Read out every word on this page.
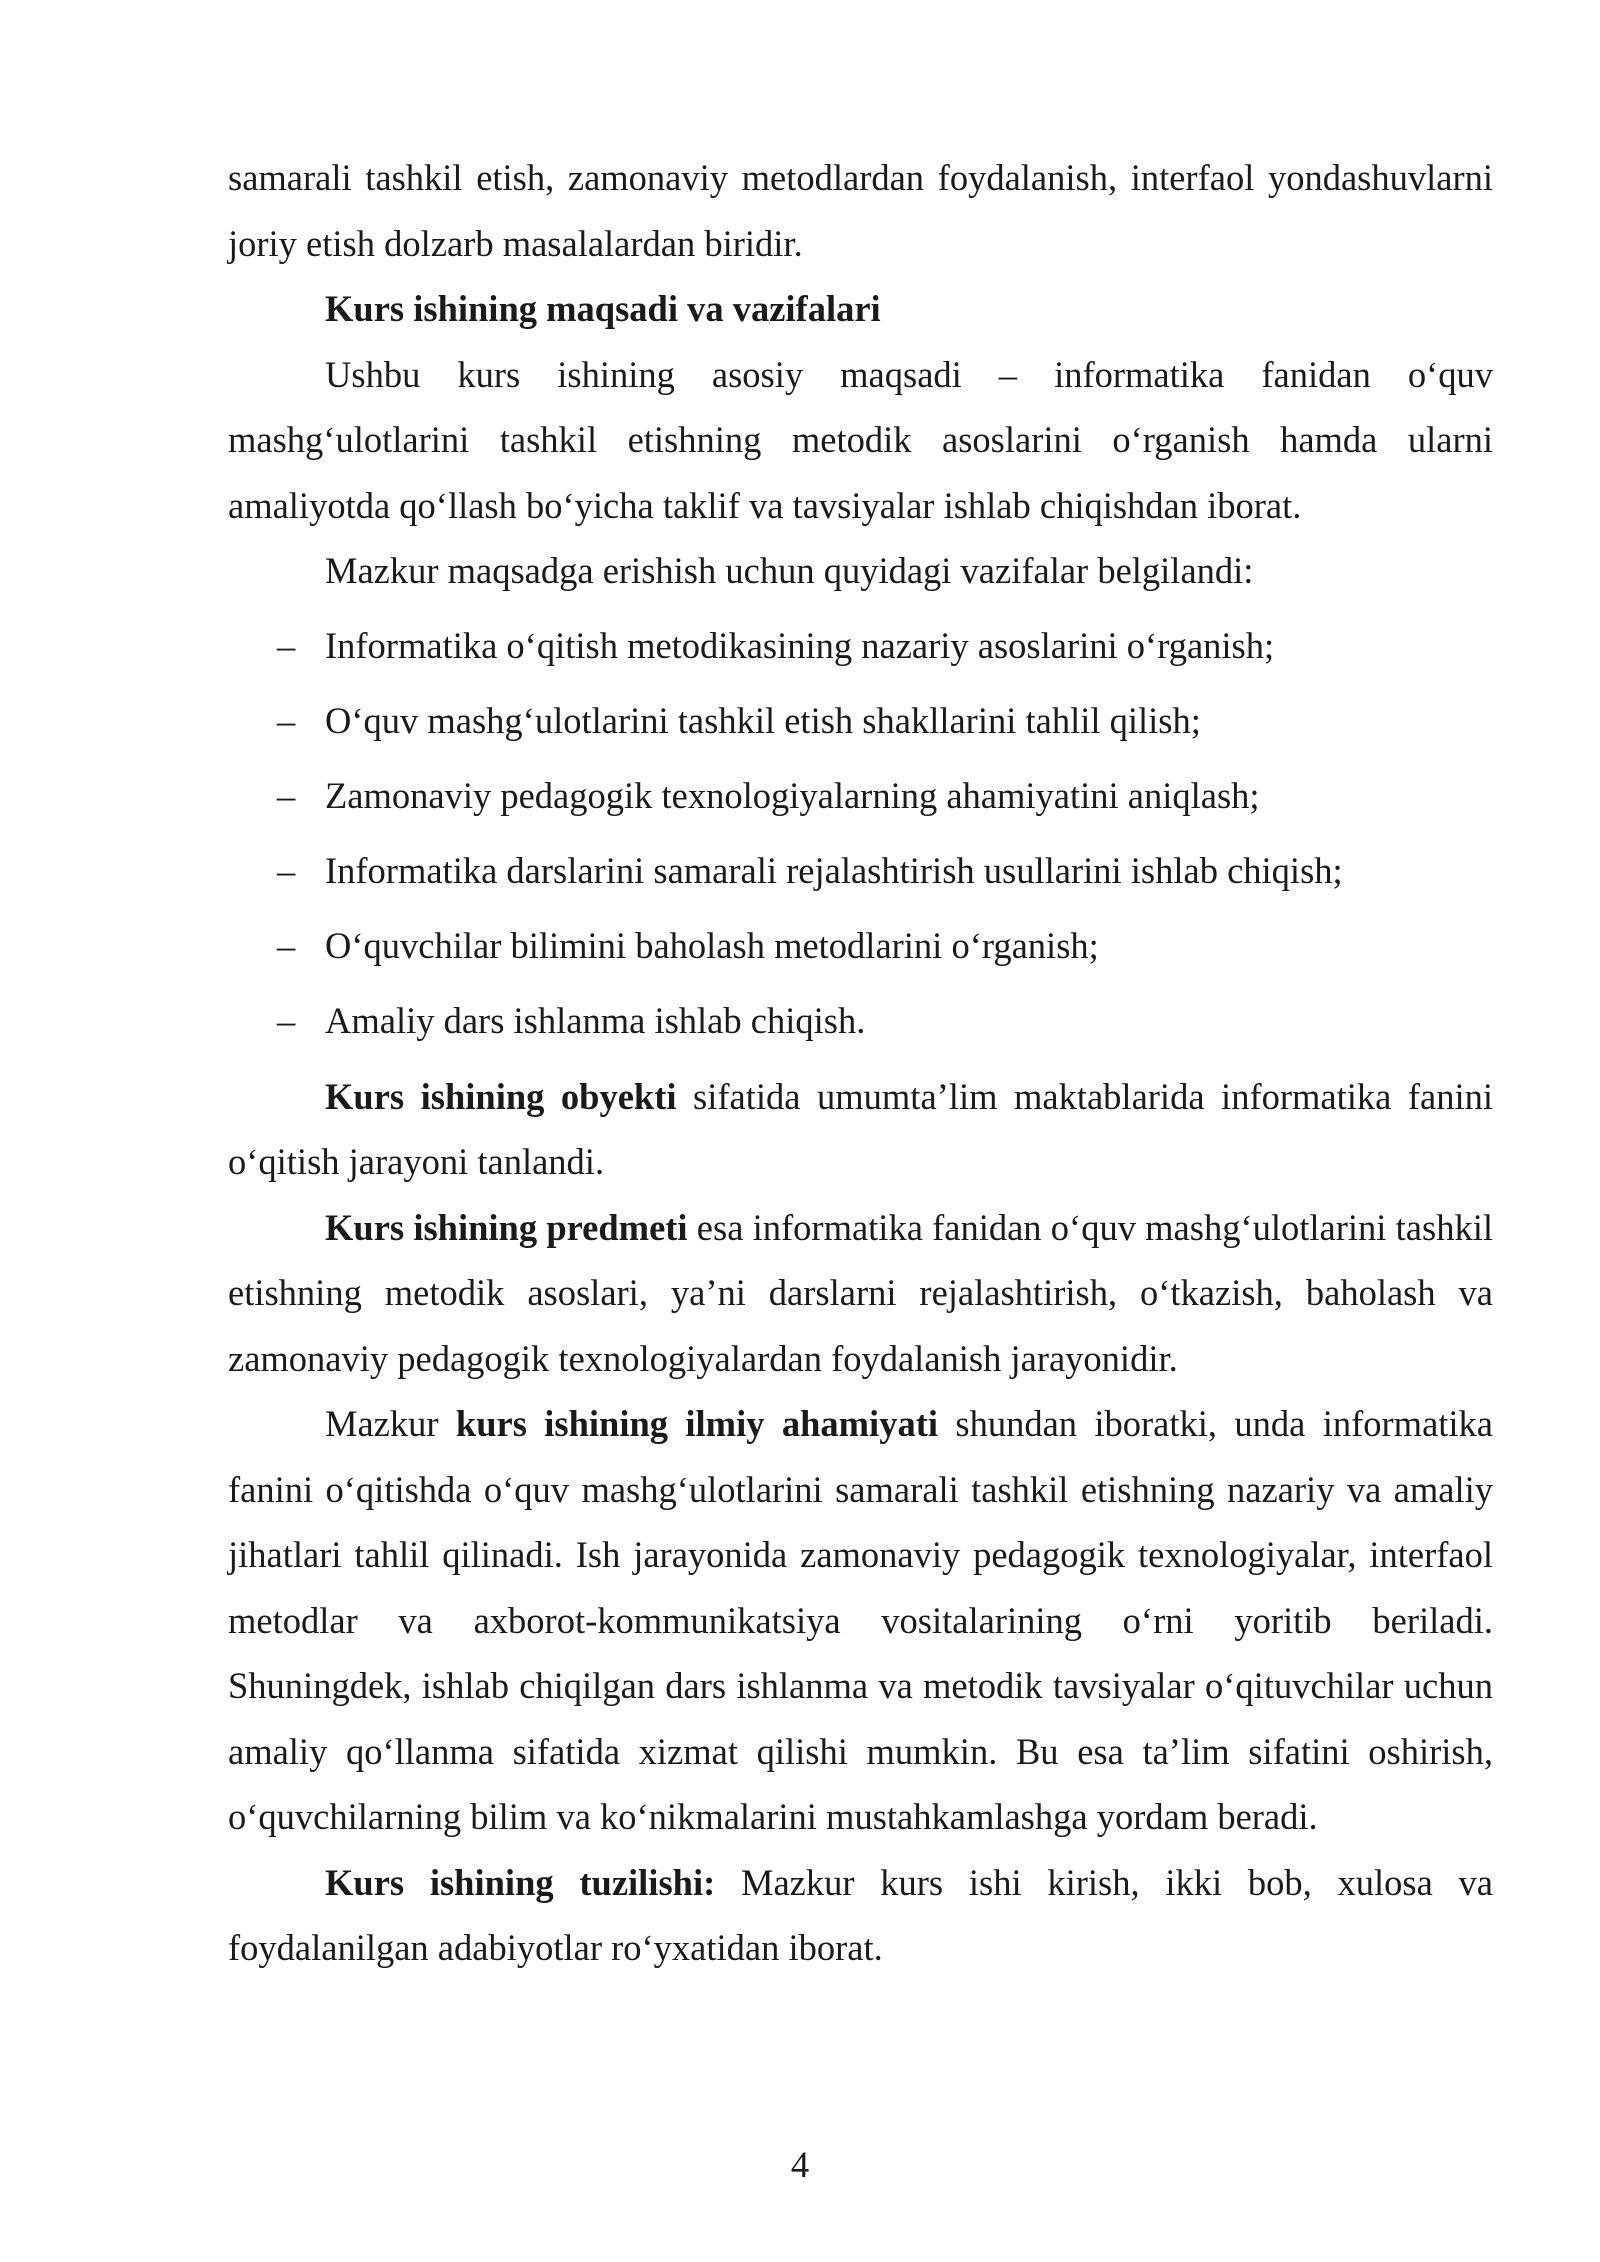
samarali tashkil etish, zamonaviy metodlardan foydalanish, interfaol yondashuvlarni joriy etish dolzarb masalalardan biridir.

Kurs ishining maqsadi va vazifalari

Ushbu kurs ishining asosiy maqsadi – informatika fanidan o‘quv mashg‘ulotlarini tashkil etishning metodik asoslarini o‘rganish hamda ularni amaliyotda qo‘llash bo‘yicha taklif va tavsiyalar ishlab chiqishdan iborat.

Mazkur maqsadga erishish uchun quyidagi vazifalar belgilandi:

– Informatika o‘qitish metodikasining nazariy asoslarini o‘rganish;
– O‘quv mashg‘ulotlarini tashkil etish shakllarini tahlil qilish;
– Zamonaviy pedagogik texnologiyalarning ahamiyatini aniqlash;
– Informatika darslarini samarali rejalashtirish usullarini ishlab chiqish;
– O‘quvchilar bilimini baholash metodlarini o‘rganish;
– Amaliy dars ishlanma ishlab chiqish.

Kurs ishining obyekti sifatida umumta’lim maktablarida informatika fanini o‘qitish jarayoni tanlandi.

Kurs ishining predmeti esa informatika fanidan o‘quv mashg‘ulotlarini tashkil etishning metodik asoslari, ya’ni darslarni rejalashtirish, o‘tkazish, baholash va zamonaviy pedagogik texnologiyalardan foydalanish jarayonidir.

Mazkur kurs ishining ilmiy ahamiyati shundan iboratki, unda informatika fanini o‘qitishda o‘quv mashg‘ulotlarini samarali tashkil etishning nazariy va amaliy jihatlari tahlil qilinadi. Ish jarayonida zamonaviy pedagogik texnologiyalar, interfaol metodlar va axborot-kommunikatsiya vositalarining o‘rni yoritib beriladi. Shuningdek, ishlab chiqilgan dars ishlanma va metodik tavsiyalar o‘qituvchilar uchun amaliy qo‘llanma sifatida xizmat qilishi mumkin. Bu esa ta’lim sifatini oshirish, o‘quvchilarning bilim va ko‘nikmalarini mustahkamlashga yordam beradi.

Kurs ishining tuzilishi: Mazkur kurs ishi kirish, ikki bob, xulosa va foydalanilgan adabiyotlar ro‘yxatidan iborat.

4
